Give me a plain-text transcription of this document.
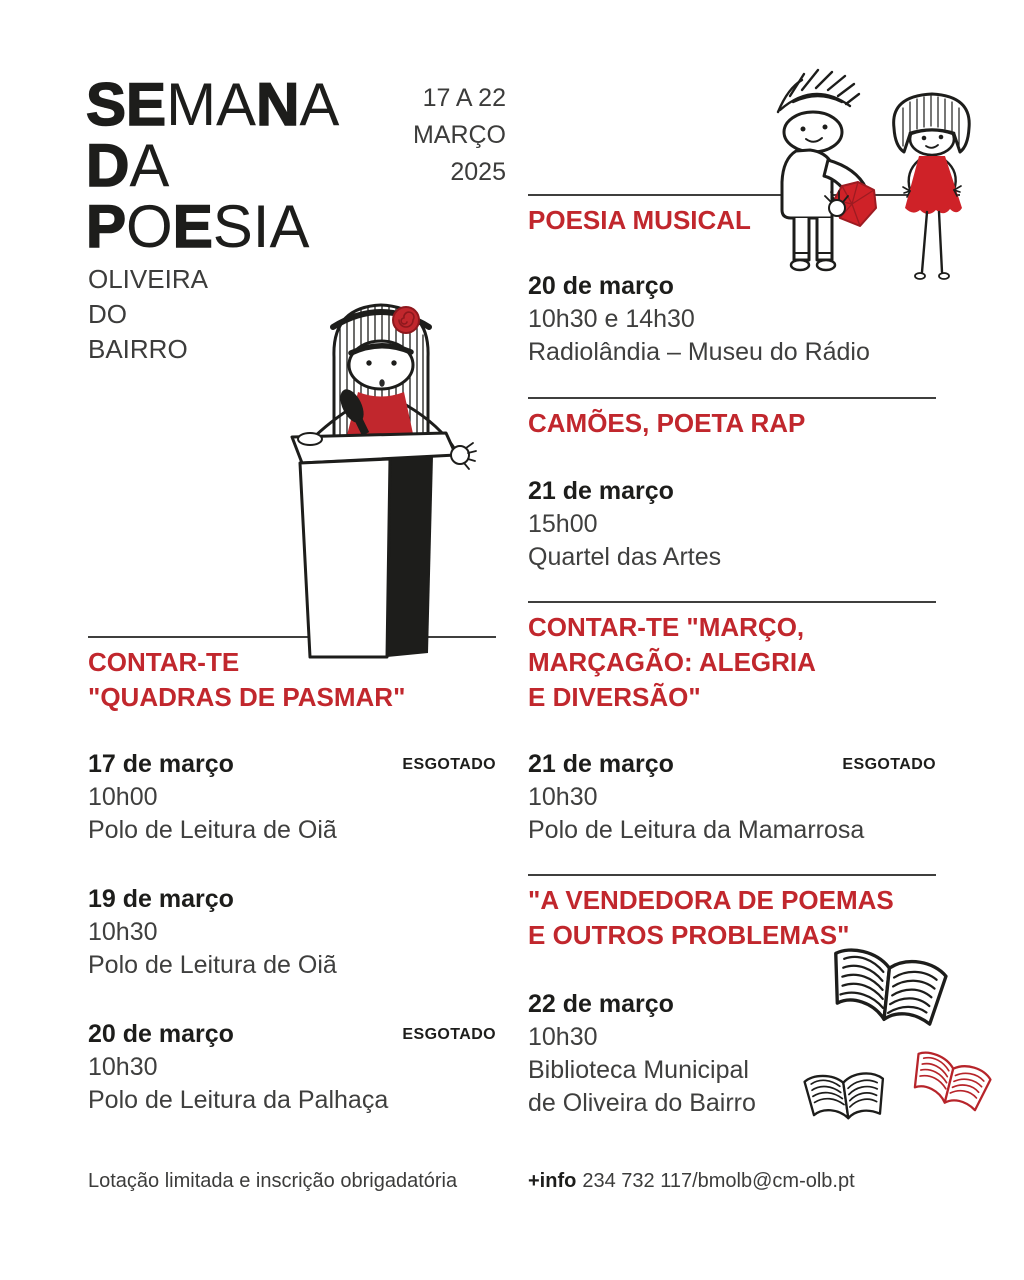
SEMANA
DA
POESIA
OLIVEIRA
DO
BAIRRO
17 A 22
MARÇO
2025
CONTAR-TE
"QUADRAS DE PASMAR"
17 de março	ESGOTADO
10h00
Polo de Leitura de Oiã
19 de março
10h30
Polo de Leitura de Oiã
20 de março	ESGOTADO
10h30
Polo de Leitura da Palhaça
POESIA MUSICAL
20 de março
10h30 e 14h30
Radiolândia – Museu do Rádio
CAMÕES, POETA RAP
21 de março
15h00
Quartel das Artes
CONTAR-TE "MARÇO,
MARÇAGÃO: ALEGRIA
E DIVERSÃO"
21 de março	ESGOTADO
10h30
Polo de Leitura da Mamarrosa
"A VENDEDORA DE POEMAS
E OUTROS PROBLEMAS"
22 de março
10h30
Biblioteca Municipal
de Oliveira do Bairro
Lotação limitada e inscrição obrigadatória	+info 234 732 117/bmolb@cm-olb.pt
